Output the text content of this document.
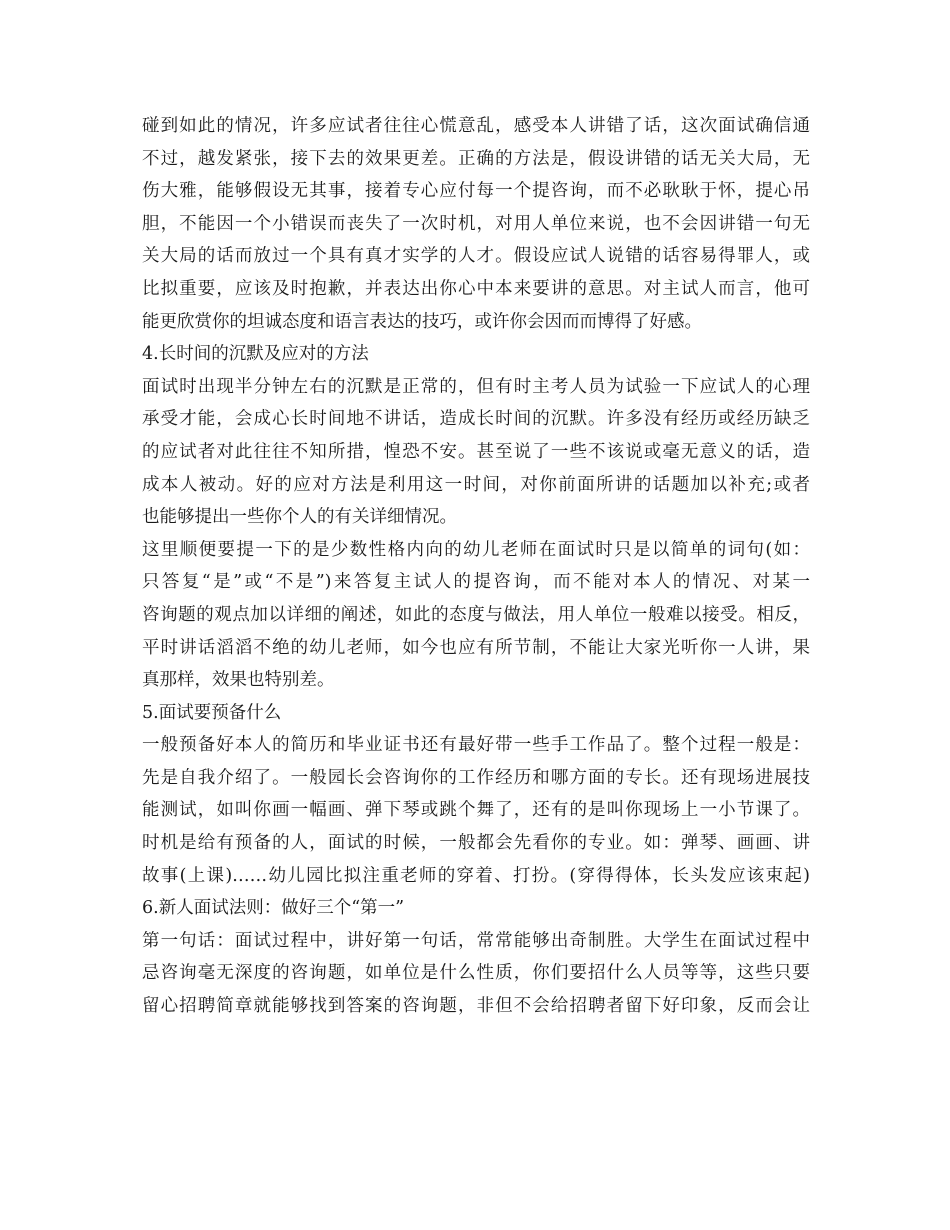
碰到如此的情况，许多应试者往往心慌意乱，感受本人讲错了话，这次面试确信通
不过，越发紧张，接下去的效果更差。正确的方法是，假设讲错的话无关大局，无
伤大雅，能够假设无其事，接着专心应付每一个提咨询，而不必耿耿于怀，提心吊
胆，不能因一个小错误而丧失了一次时机，对用人单位来说，也不会因讲错一句无
关大局的话而放过一个具有真才实学的人才。假设应试人说错的话容易得罪人，或
比拟重要，应该及时抱歉，并表达出你心中本来要讲的意思。对主试人而言，他可
能更欣赏你的坦诚态度和语言表达的技巧，或许你会因而而博得了好感。
4.长时间的沉默及应对的方法
面试时出现半分钟左右的沉默是正常的，但有时主考人员为试验一下应试人的心理
承受才能，会成心长时间地不讲话，造成长时间的沉默。许多没有经历或经历缺乏
的应试者对此往往不知所措，惶恐不安。甚至说了一些不该说或毫无意义的话，造
成本人被动。好的应对方法是利用这一时间，对你前面所讲的话题加以补充;或者
也能够提出一些你个人的有关详细情况。
这里顺便要提一下的是少数性格内向的幼儿老师在面试时只是以简单的词句(如：
只答复“是”或“不是”)来答复主试人的提咨询，而不能对本人的情况、对某一
咨询题的观点加以详细的阐述，如此的态度与做法，用人单位一般难以接受。相反，
平时讲话滔滔不绝的幼儿老师，如今也应有所节制，不能让大家光听你一人讲，果
真那样，效果也特别差。
5.面试要预备什么
一般预备好本人的简历和毕业证书还有最好带一些手工作品了。整个过程一般是：
先是自我介绍了。一般园长会咨询你的工作经历和哪方面的专长。还有现场进展技
能测试，如叫你画一幅画、弹下琴或跳个舞了，还有的是叫你现场上一小节课了。
时机是给有预备的人，面试的时候，一般都会先看你的专业。如：弹琴、画画、讲
故事(上课)……幼儿园比拟注重老师的穿着、打扮。(穿得得体，长头发应该束起)
6.新人面试法则：做好三个“第一”
第一句话：面试过程中，讲好第一句话，常常能够出奇制胜。大学生在面试过程中
忌咨询毫无深度的咨询题，如单位是什么性质，你们要招什么人员等等，这些只要
留心招聘简章就能够找到答案的咨询题，非但不会给招聘者留下好印象，反而会让
